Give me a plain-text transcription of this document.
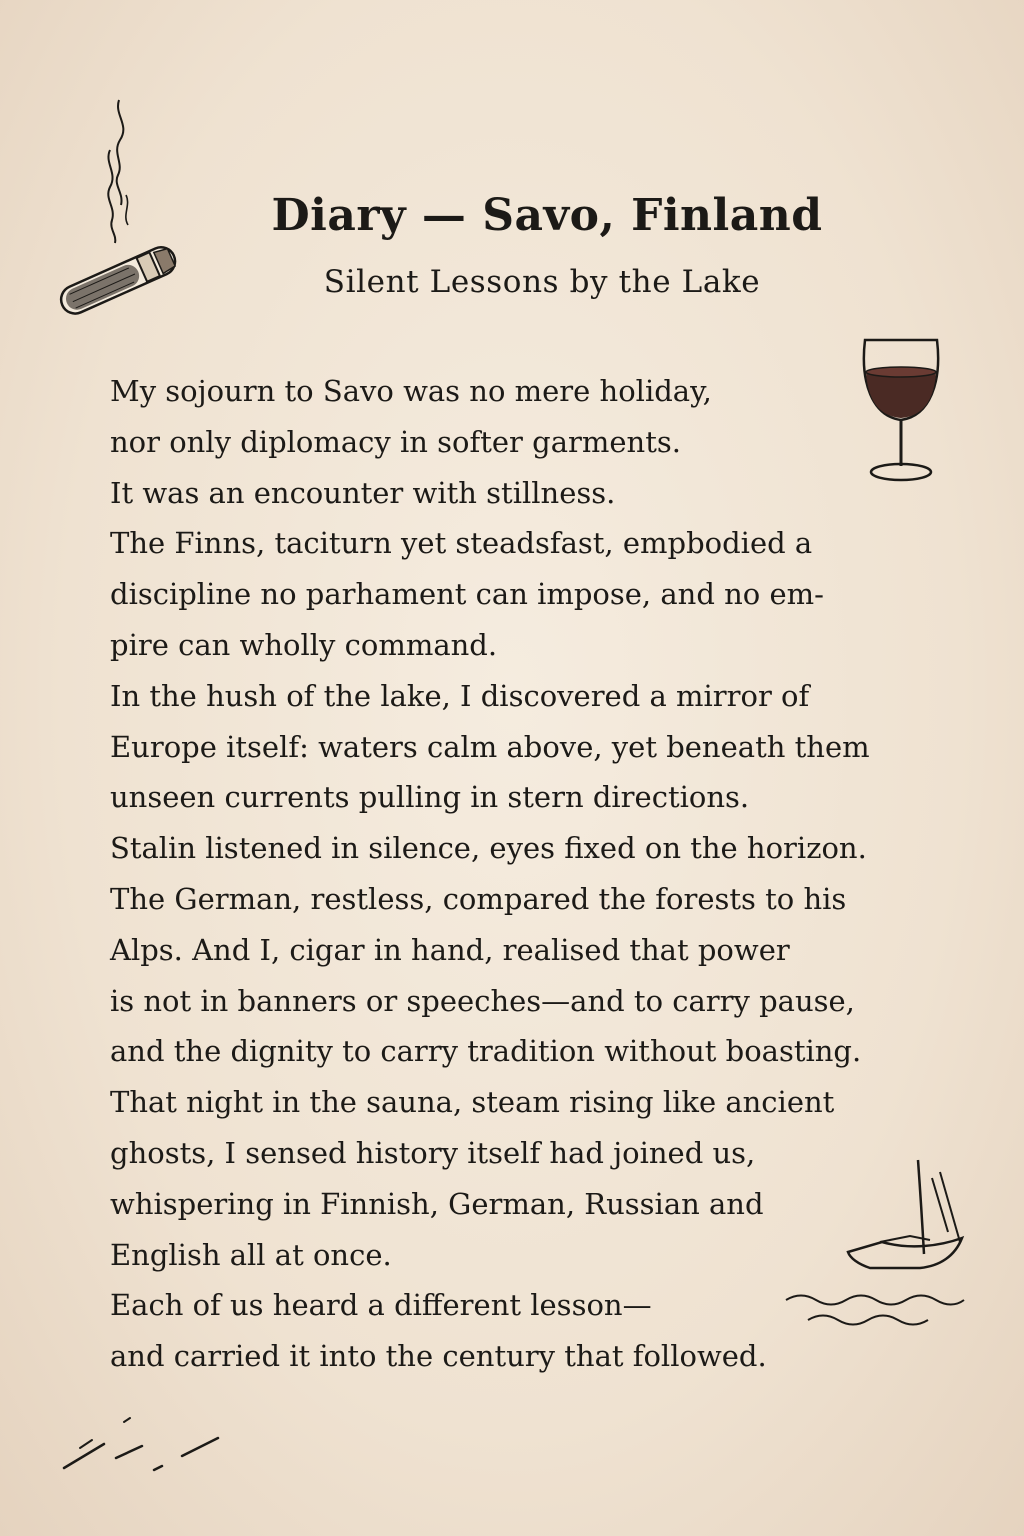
Diary — Savo, Finland
Silent Lessons by the Lake
My sojourn to Savo was no mere holiday,
nor only diplomacy in softer garments.
It was an encounter with stillness.
The Finns, taciturn yet steadsfast, empbodied a
discipline no parhament can impose, and no em-
pire can wholly command.
In the hush of the lake, I discovered a mirror of
Europe itself: waters calm above, yet beneath them
unseen currents pulling in stern directions.
Stalin listened in silence, eyes fixed on the horizon.
The German, restless, compared the forests to his
Alps. And I, cigar in hand, realised that power
is not in banners or speeches—and to carry pause,
and the dignity to carry tradition without boasting.
That night in the sauna, steam rising like ancient
ghosts, I sensed history itself had joined us,
whispering in Finnish, German, Russian and
English all at once.
Each of us heard a different lesson—
and carried it into the century that followed.
